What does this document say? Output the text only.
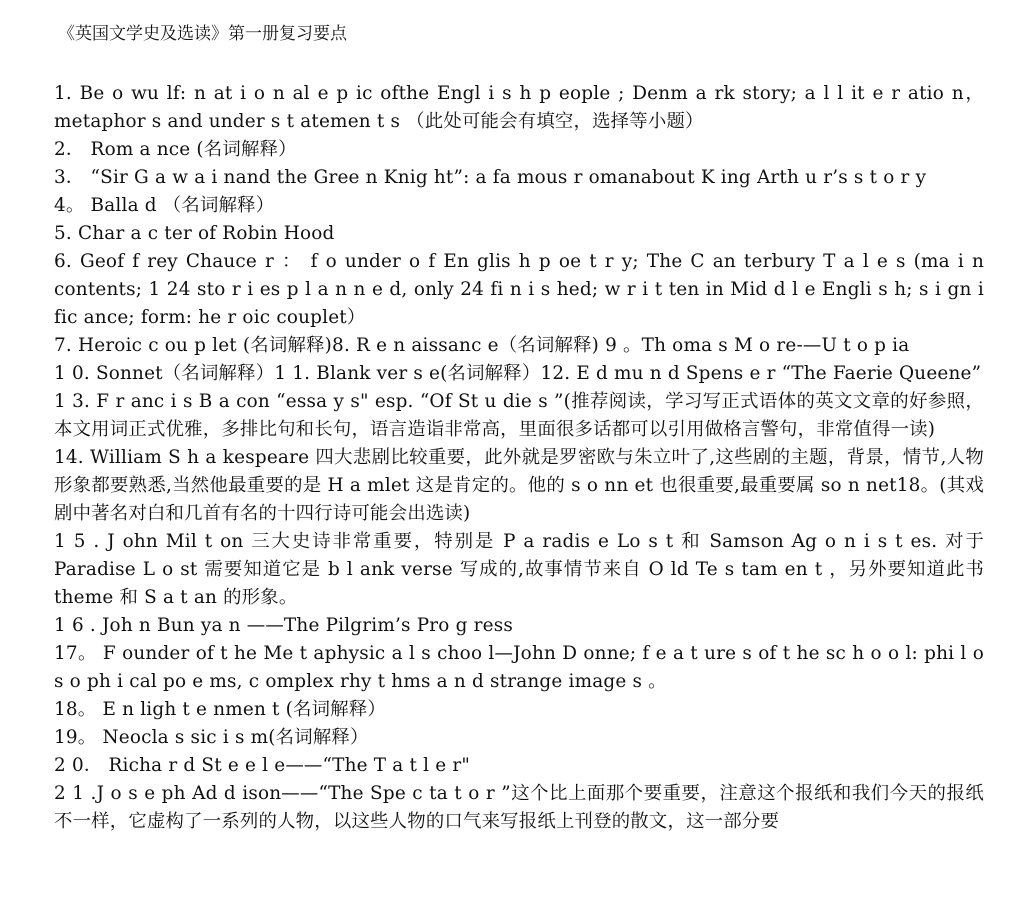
《英国文学史及选读》第一册复习要点

1. Be o wu lf: n at i o n al e p ic ofthe Engl i s h p eople ; Denm a rk story; a l l it e r atio n， metaphor s and under s t atemen t s （此处可能会有填空，选择等小题）

2． Rom a nce (名词解释）

3． “Sir G a w a i nand the Gree n Knig ht”: a fa mous r omanabout K ing Arth u r’s s t o r y

4。 Balla d （名词解释）

5. Char a c ter of Robin Hood

6. Geof f rey Chauce r ： f o under o f En glis h p oe t r y; The C an terbury T a l e s (ma i n contents; 1 24 sto r i es p l a n n e d, only 24 fi n i s hed; w r i t ten in Mid d l e Engli s h; s i gn i fic ance; form: he r oic couplet）

7. Heroic c ou p let (名词解释)8. R e n aissanc e（名词解释) 9 。Th oma s M o re-—U t o p ia

1 0. Sonnet（名词解释）1 1. Blank ver s e(名词解释）12. E d mu n d Spens e r “The Faerie Queene”

1 3. F r anc i s B a con “essa y s" esp. “Of St u die s ”(推荐阅读，学习写正式语体的英文文章的好参照，本文用词正式优雅，多排比句和长句，语言造诣非常高，里面很多话都可以引用做格言警句，非常值得一读)

14. William S h a kespeare 四大悲剧比较重要，此外就是罗密欧与朱立叶了,这些剧的主题，背景，情节,人物形象都要熟悉,当然他最重要的是 H a mlet 这是肯定的。他的 s o nn et 也很重要,最重要属 so n net18。(其戏剧中著名对白和几首有名的十四行诗可能会出选读)

1 5 . J ohn Mil t on 三大史诗非常重要，特别是 P a radis e Lo s t 和 Samson Ag o n i s t es. 对于 Paradise L o st 需要知道它是 b l ank verse 写成的,故事情节来自 O ld Te s tam en t ，另外要知道此书 theme 和 S a t an 的形象。

1 6 . Joh n Bun ya n ——The Pilgrim’s Pro g ress

17。 F ounder of t he Me t aphysic a l s choo l—John D onne; f e a t ure s of t he sc h o o l: phi l o s o ph i cal po e ms, c omplex rhy t hms a n d strange image s 。

18。 E n ligh t e nmen t (名词解释）

19。 Neocla s sic i s m(名词解释）

2 0． Richa r d St e e l e——“The T a t l e r"

2 1 .J o s e ph Ad d ison——“The Spe c ta t o r ”这个比上面那个要重要，注意这个报纸和我们今天的报纸不一样，它虚构了一系列的人物，以这些人物的口气来写报纸上刊登的散文，这一部分要
